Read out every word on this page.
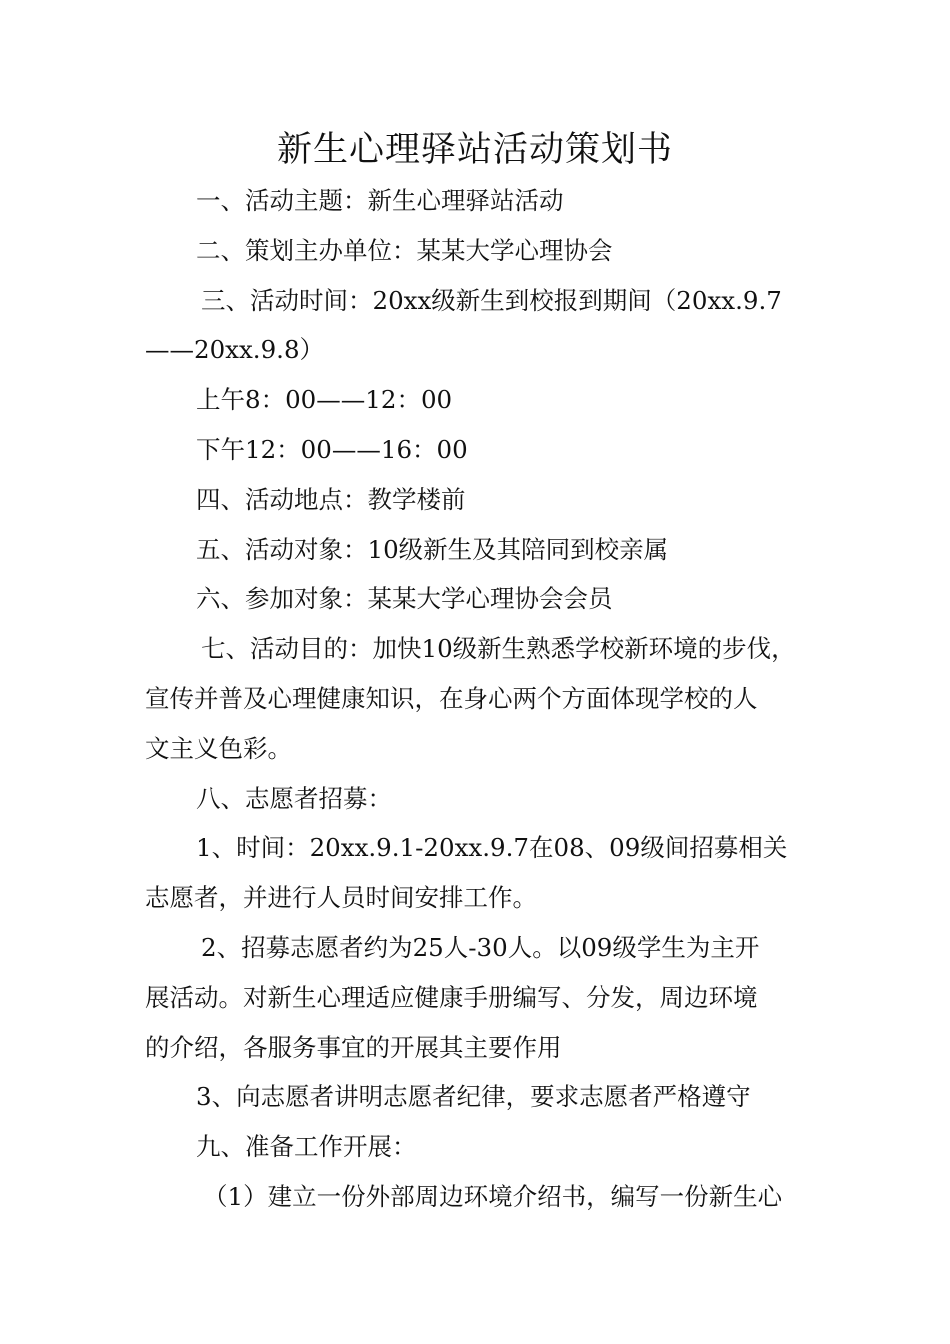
新生心理驿站活动策划书

一、活动主题：新生心理驿站活动

二、策划主办单位：某某大学心理协会

三、活动时间：20xx级新生到校报到期间（20xx.9.7

——20xx.9.8）

上午8：00——12：00

下午12：00——16：00

四、活动地点：教学楼前

五、活动对象：10级新生及其陪同到校亲属

六、参加对象：某某大学心理协会会员

七、活动目的：加快10级新生熟悉学校新环境的步伐，

宣传并普及心理健康知识，在身心两个方面体现学校的人

文主义色彩。

八、志愿者招募：

1、时间：20xx.9.1-20xx.9.7在08、09级间招募相关

志愿者，并进行人员时间安排工作。

2、招募志愿者约为25人-30人。以09级学生为主开

展活动。对新生心理适应健康手册编写、分发，周边环境

的介绍，各服务事宜的开展其主要作用

3、向志愿者讲明志愿者纪律，要求志愿者严格遵守

九、准备工作开展：

（1）建立一份外部周边环境介绍书，编写一份新生心
